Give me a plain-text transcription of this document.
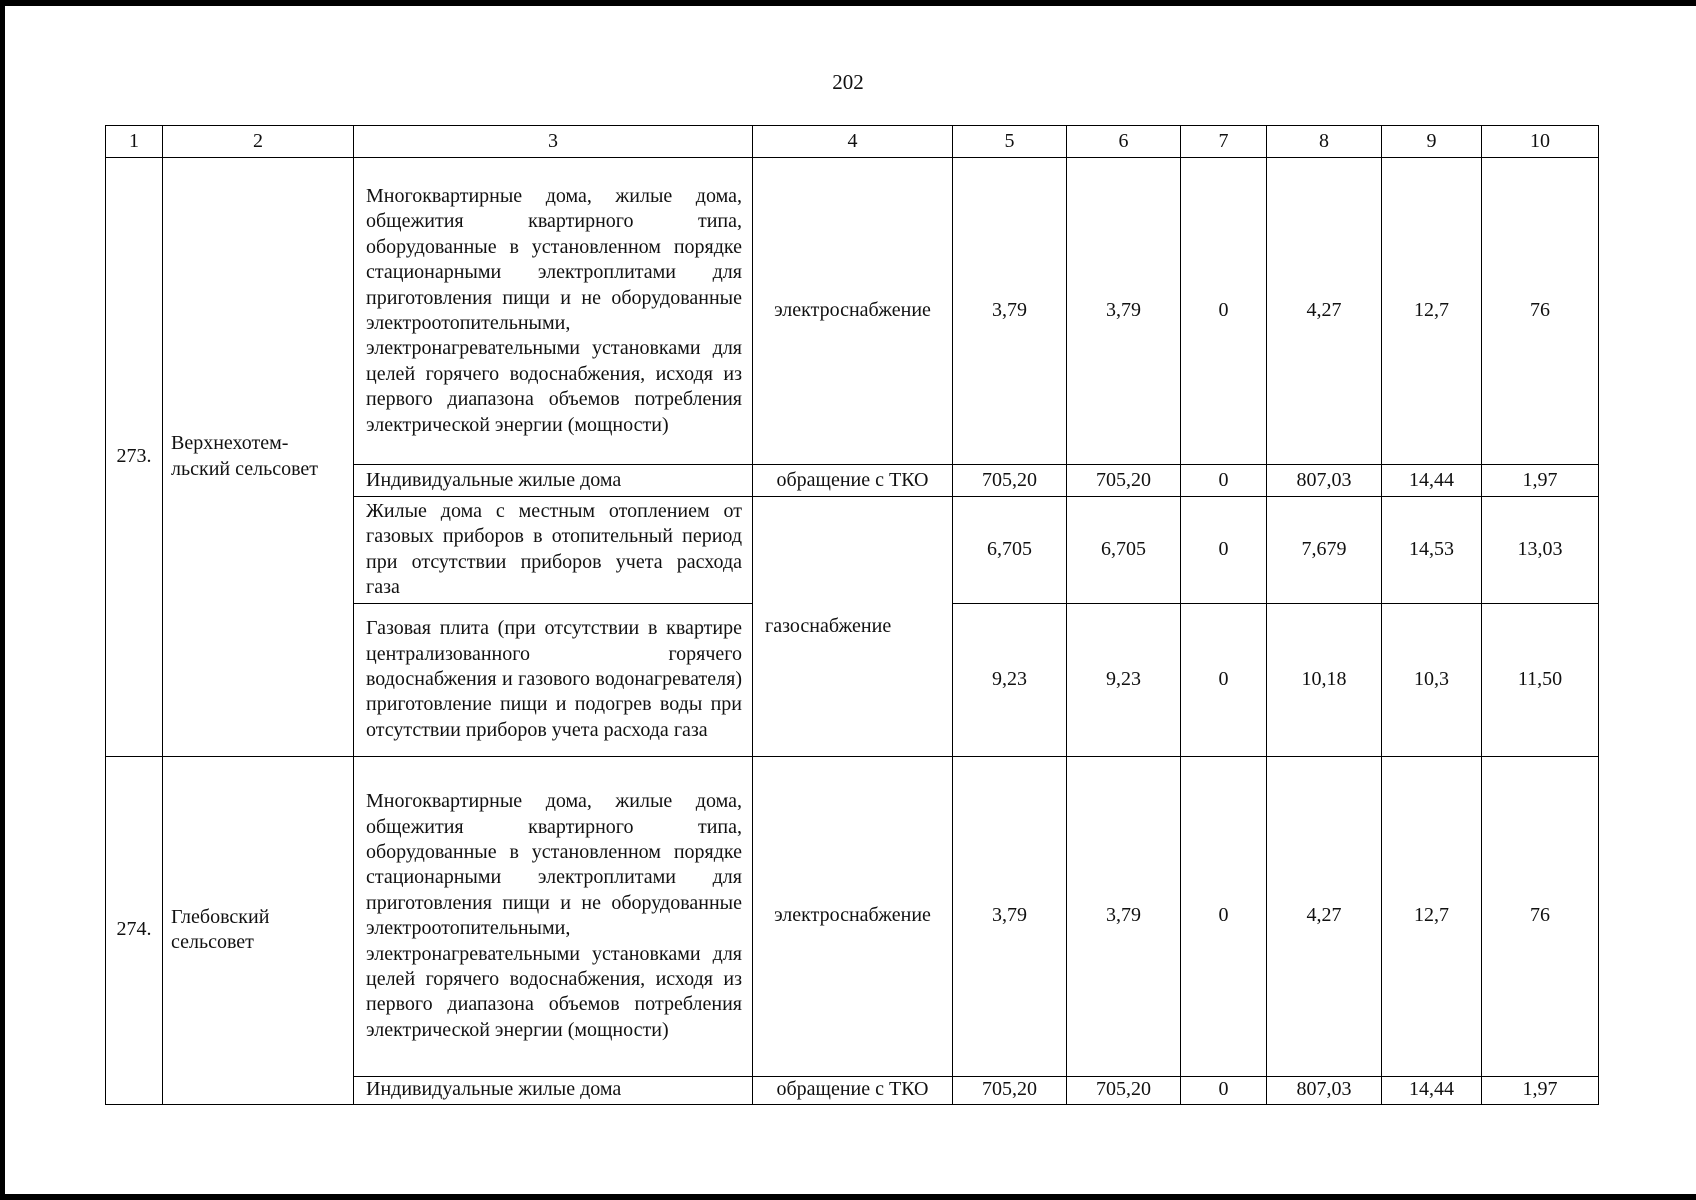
202
1	2	3	4	5	6	7	8	9	10
273.	Верхнехотем-льский сельсовет	Многоквартирные дома, жилые дома, общежития квартирного типа, оборудованные в установленном порядке стационарными электроплитами для приготовления пищи и не оборудованные электроотопительными, электронагревательными установками для целей горячего водоснабжения, исходя из первого диапазона объемов потребления электрической энергии (мощности)	электроснабжение	3,79	3,79	0	4,27	12,7	76
		Индивидуальные жилые дома	обращение с ТКО	705,20	705,20	0	807,03	14,44	1,97

		Жилые дома с местным отоплением от газовых приборов в отопительный период при отсутствии приборов учета расхода газа	газоснабжение	6,705	6,705	0	7,679	14,53	13,03

		Газовая плита (при отсутствии в квартире централизованного горячего водоснабжения и газового водонагревателя) приготовление пищи и подогрев воды при отсутствии приборов учета расхода газа		9,23	9,23	0	10,18	10,3	11,50
274.	Глебовский сельсовет	Многоквартирные дома, жилые дома, общежития квартирного типа, оборудованные в установленном порядке стационарными электроплитами для приготовления пищи и не оборудованные электроотопительными, электронагревательными установками для целей горячего водоснабжения, исходя из первого диапазона объемов потребления электрической энергии (мощности)	электроснабжение	3,79	3,79	0	4,27	12,7	76
		Индивидуальные жилые дома	обращение с ТКО	705,20	705,20	0	807,03	14,44	1,97
